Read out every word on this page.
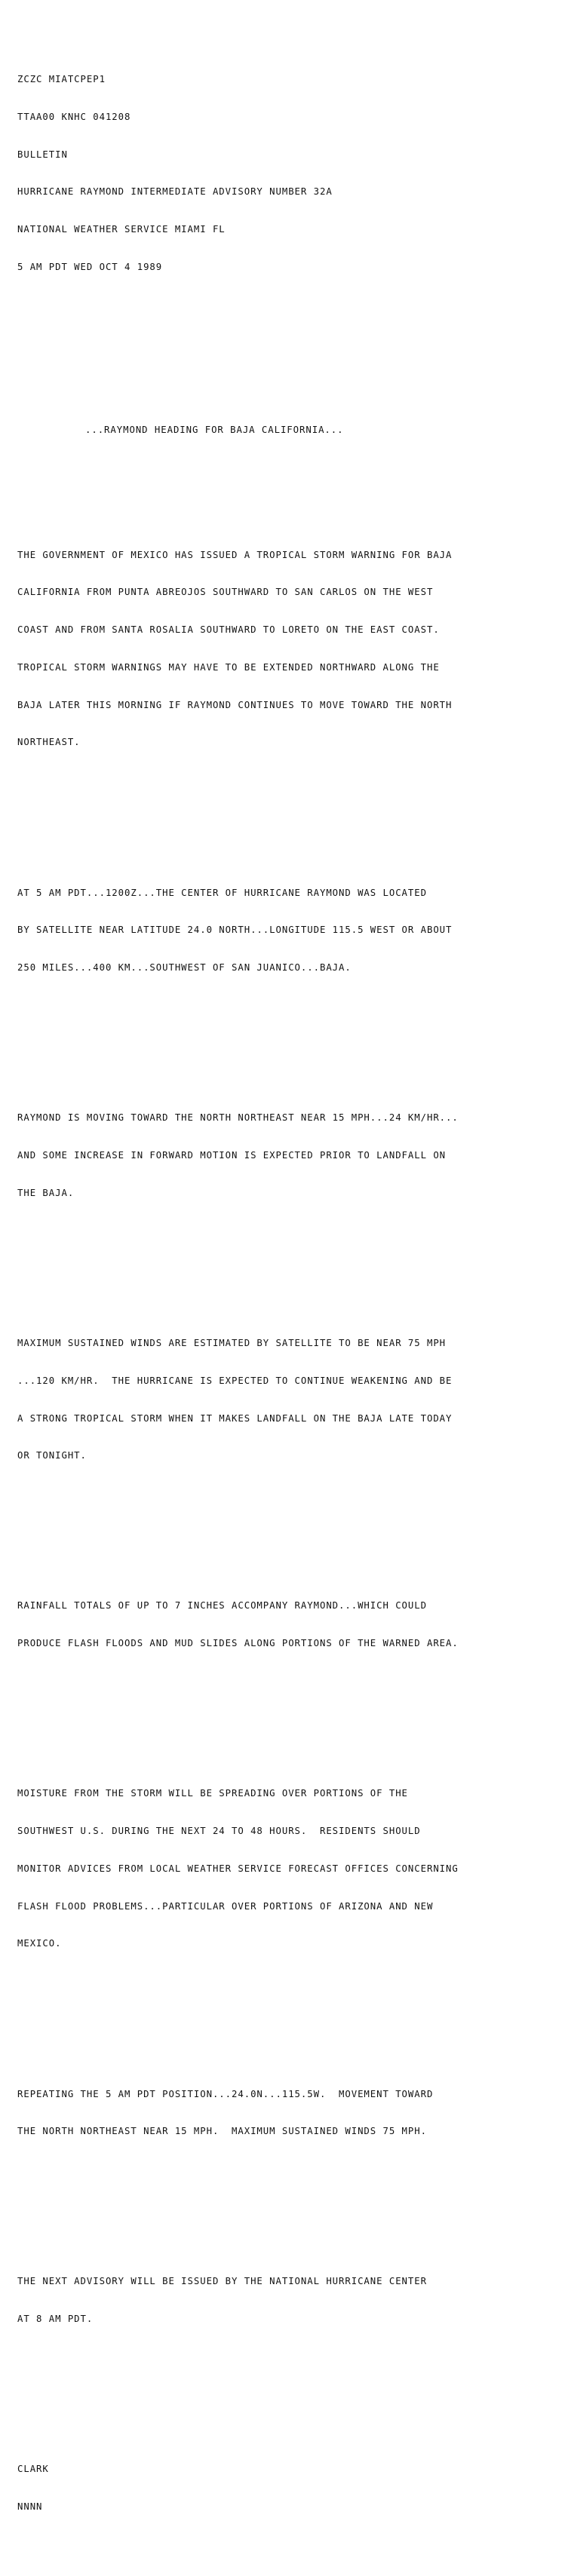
ZCZC MIATCPEP1

TTAA00 KNHC 041208

BULLETIN

HURRICANE RAYMOND INTERMEDIATE ADVISORY NUMBER 32A

NATIONAL WEATHER SERVICE MIAMI FL

5 AM PDT WED OCT 4 1989

...RAYMOND HEADING FOR BAJA CALIFORNIA...

THE GOVERNMENT OF MEXICO HAS ISSUED A TROPICAL STORM WARNING FOR BAJA

CALIFORNIA FROM PUNTA ABREOJOS SOUTHWARD TO SAN CARLOS ON THE WEST

COAST AND FROM SANTA ROSALIA SOUTHWARD TO LORETO ON THE EAST COAST.

TROPICAL STORM WARNINGS MAY HAVE TO BE EXTENDED NORTHWARD ALONG THE

BAJA LATER THIS MORNING IF RAYMOND CONTINUES TO MOVE TOWARD THE NORTH

NORTHEAST.

AT 5 AM PDT...1200Z...THE CENTER OF HURRICANE RAYMOND WAS LOCATED

BY SATELLITE NEAR LATITUDE 24.0 NORTH...LONGITUDE 115.5 WEST OR ABOUT

250 MILES...400 KM...SOUTHWEST OF SAN JUANICO...BAJA.

RAYMOND IS MOVING TOWARD THE NORTH NORTHEAST NEAR 15 MPH...24 KM/HR...

AND SOME INCREASE IN FORWARD MOTION IS EXPECTED PRIOR TO LANDFALL ON

THE BAJA.

MAXIMUM SUSTAINED WINDS ARE ESTIMATED BY SATELLITE TO BE NEAR 75 MPH

...120 KM/HR.  THE HURRICANE IS EXPECTED TO CONTINUE WEAKENING AND BE

A STRONG TROPICAL STORM WHEN IT MAKES LANDFALL ON THE BAJA LATE TODAY

OR TONIGHT.

RAINFALL TOTALS OF UP TO 7 INCHES ACCOMPANY RAYMOND...WHICH COULD

PRODUCE FLASH FLOODS AND MUD SLIDES ALONG PORTIONS OF THE WARNED AREA.

MOISTURE FROM THE STORM WILL BE SPREADING OVER PORTIONS OF THE

SOUTHWEST U.S. DURING THE NEXT 24 TO 48 HOURS.  RESIDENTS SHOULD

MONITOR ADVICES FROM LOCAL WEATHER SERVICE FORECAST OFFICES CONCERNING

FLASH FLOOD PROBLEMS...PARTICULAR OVER PORTIONS OF ARIZONA AND NEW

MEXICO.

REPEATING THE 5 AM PDT POSITION...24.0N...115.5W.  MOVEMENT TOWARD

THE NORTH NORTHEAST NEAR 15 MPH.  MAXIMUM SUSTAINED WINDS 75 MPH.

THE NEXT ADVISORY WILL BE ISSUED BY THE NATIONAL HURRICANE CENTER

AT 8 AM PDT.

CLARK

NNNN
